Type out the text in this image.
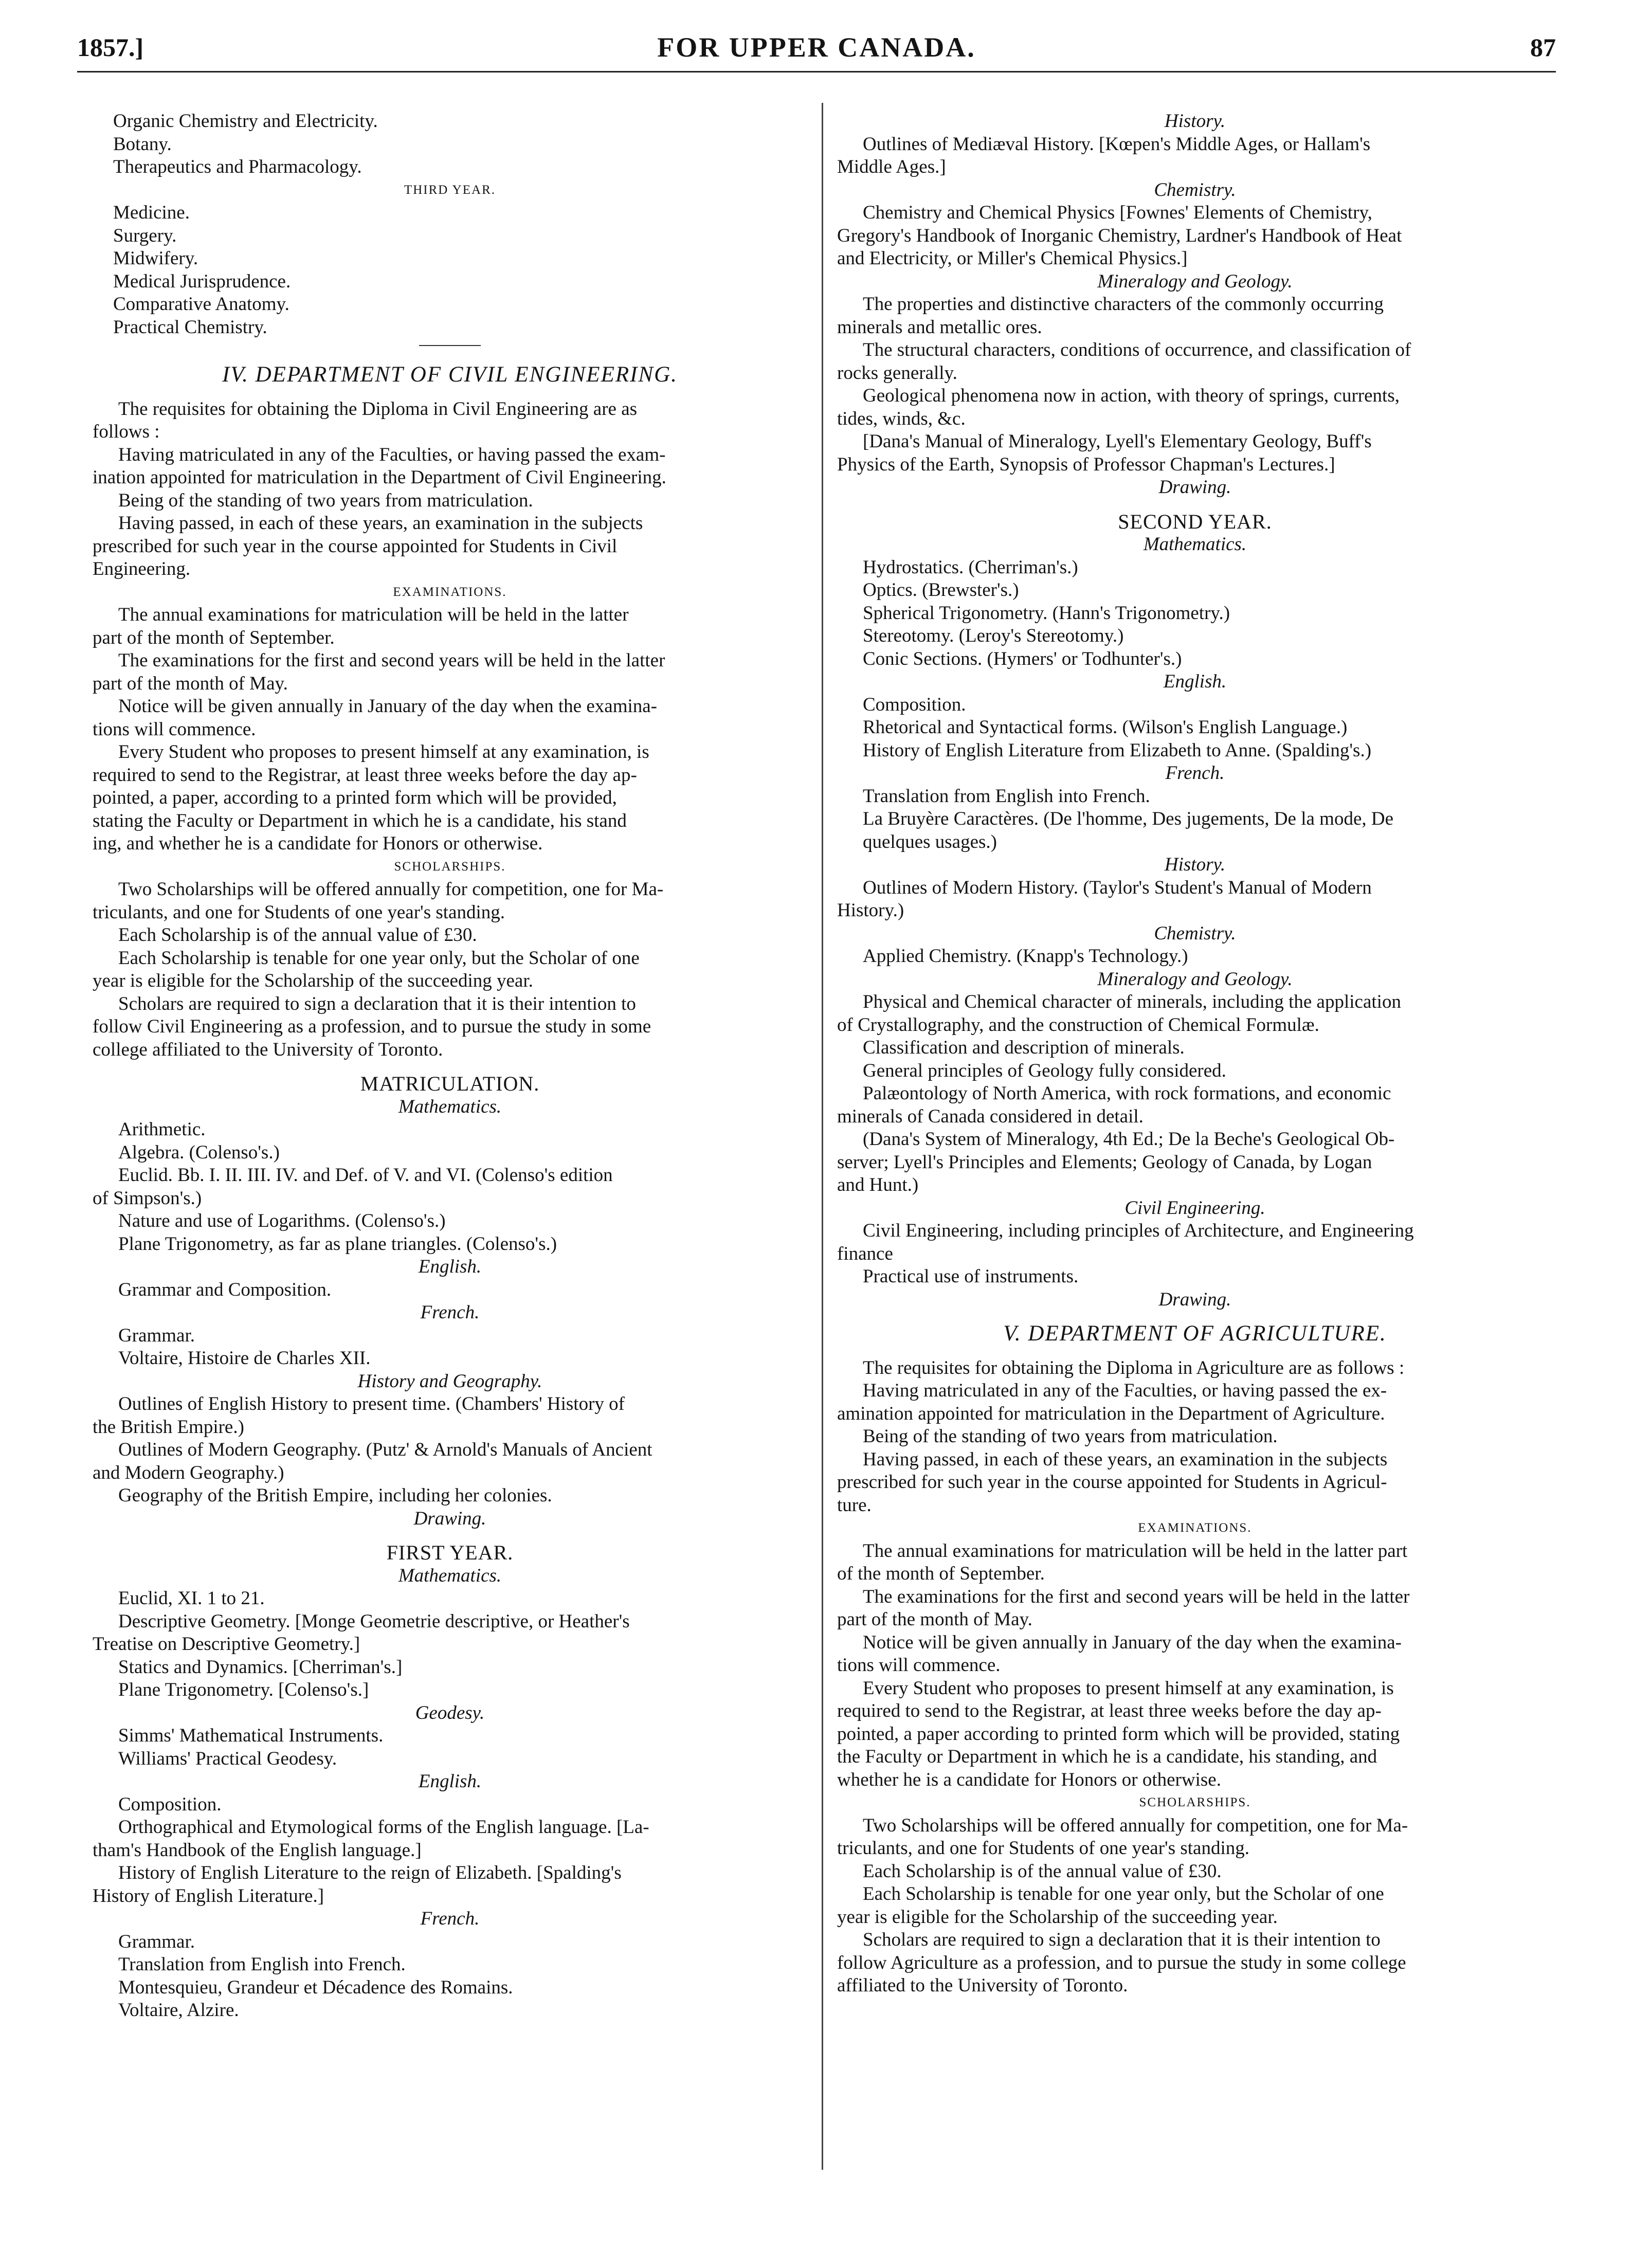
1857.]	FOR UPPER CANADA.	87
Organic Chemistry and Electricity.
Botany.
Therapeutics and Pharmacology.
THIRD YEAR.
Medicine.
Surgery.
Midwifery.
Medical Jurisprudence.
Comparative Anatomy.
Practical Chemistry.
IV. DEPARTMENT OF CIVIL ENGINEERING.
The requisites for obtaining the Diploma in Civil Engineering are as
follows :
Having matriculated in any of the Faculties, or having passed the exam-
ination appointed for matriculation in the Department of Civil Engineering.
Being of the standing of two years from matriculation.
Having passed, in each of these years, an examination in the subjects
prescribed for such year in the course appointed for Students in Civil
Engineering.
EXAMINATIONS.
The annual examinations for matriculation will be held in the latter
part of the month of September.
The examinations for the first and second years will be held in the latter
part of the month of May.
Notice will be given annually in January of the day when the examina-
tions will commence.
Every Student who proposes to present himself at any examination, is
required to send to the Registrar, at least three weeks before the day ap-
pointed, a paper, according to a printed form which will be provided,
stating the Faculty or Department in which he is a candidate, his stand
ing, and whether he is a candidate for Honors or otherwise.
SCHOLARSHIPS.
Two Scholarships will be offered annually for competition, one for Ma-
triculants, and one for Students of one year's standing.
Each Scholarship is of the annual value of £30.
Each Scholarship is tenable for one year only, but the Scholar of one
year is eligible for the Scholarship of the succeeding year.
Scholars are required to sign a declaration that it is their intention to
follow Civil Engineering as a profession, and to pursue the study in some
college affiliated to the University of Toronto.
MATRICULATION.
Mathematics.
Arithmetic.
Algebra. (Colenso's.)
Euclid. Bb. I. II. III. IV. and Def. of V. and VI. (Colenso's edition
of Simpson's.)
Nature and use of Logarithms. (Colenso's.)
Plane Trigonometry, as far as plane triangles. (Colenso's.)
English.
Grammar and Composition.
French.
Grammar.
Voltaire, Histoire de Charles XII.
History and Geography.
Outlines of English History to present time. (Chambers' History of
the British Empire.)
Outlines of Modern Geography. (Putz' & Arnold's Manuals of Ancient
and Modern Geography.)
Geography of the British Empire, including her colonies.
Drawing.
FIRST YEAR.
Mathematics.
Euclid, XI. 1 to 21.
Descriptive Geometry. [Monge Geometrie descriptive, or Heather's
Treatise on Descriptive Geometry.]
Statics and Dynamics. [Cherriman's.]
Plane Trigonometry. [Colenso's.]
Geodesy.
Simms' Mathematical Instruments.
Williams' Practical Geodesy.
English.
Composition.
Orthographical and Etymological forms of the English language. [La-
tham's Handbook of the English language.]
History of English Literature to the reign of Elizabeth. [Spalding's
History of English Literature.]
French.
Grammar.
Translation from English into French.
Montesquieu, Grandeur et Décadence des Romains.
Voltaire, Alzire.
History.
Outlines of Mediæval History. [Kœpen's Middle Ages, or Hallam's
Middle Ages.]
Chemistry.
Chemistry and Chemical Physics [Fownes' Elements of Chemistry,
Gregory's Handbook of Inorganic Chemistry, Lardner's Handbook of Heat
and Electricity, or Miller's Chemical Physics.]
Mineralogy and Geology.
The properties and distinctive characters of the commonly occurring
minerals and metallic ores.
The structural characters, conditions of occurrence, and classification of
rocks generally.
Geological phenomena now in action, with theory of springs, currents,
tides, winds, &c.
[Dana's Manual of Mineralogy, Lyell's Elementary Geology, Buff's
Physics of the Earth, Synopsis of Professor Chapman's Lectures.]
Drawing.
SECOND YEAR.
Mathematics.
Hydrostatics. (Cherriman's.)
Optics. (Brewster's.)
Spherical Trigonometry. (Hann's Trigonometry.)
Stereotomy. (Leroy's Stereotomy.)
Conic Sections. (Hymers' or Todhunter's.)
English.
Composition.
Rhetorical and Syntactical forms. (Wilson's English Language.)
History of English Literature from Elizabeth to Anne. (Spalding's.)
French.
Translation from English into French.
La Bruyère Caractères. (De l'homme, Des jugements, De la mode, De
quelques usages.)
History.
Outlines of Modern History. (Taylor's Student's Manual of Modern
History.)
Chemistry.
Applied Chemistry. (Knapp's Technology.)
Mineralogy and Geology.
Physical and Chemical character of minerals, including the application
of Crystallography, and the construction of Chemical Formulæ.
Classification and description of minerals.
General principles of Geology fully considered.
Palæontology of North America, with rock formations, and economic
minerals of Canada considered in detail.
(Dana's System of Mineralogy, 4th Ed.; De la Beche's Geological Ob-
server; Lyell's Principles and Elements; Geology of Canada, by Logan
and Hunt.)
Civil Engineering.
Civil Engineering, including principles of Architecture, and Engineering
finance
Practical use of instruments.
Drawing.
V. DEPARTMENT OF AGRICULTURE.
The requisites for obtaining the Diploma in Agriculture are as follows :
Having matriculated in any of the Faculties, or having passed the ex-
amination appointed for matriculation in the Department of Agriculture.
Being of the standing of two years from matriculation.
Having passed, in each of these years, an examination in the subjects
prescribed for such year in the course appointed for Students in Agricul-
ture.
EXAMINATIONS.
The annual examinations for matriculation will be held in the latter part
of the month of September.
The examinations for the first and second years will be held in the latter
part of the month of May.
Notice will be given annually in January of the day when the examina-
tions will commence.
Every Student who proposes to present himself at any examination, is
required to send to the Registrar, at least three weeks before the day ap-
pointed, a paper according to printed form which will be provided, stating
the Faculty or Department in which he is a candidate, his standing, and
whether he is a candidate for Honors or otherwise.
SCHOLARSHIPS.
Two Scholarships will be offered annually for competition, one for Ma-
triculants, and one for Students of one year's standing.
Each Scholarship is of the annual value of £30.
Each Scholarship is tenable for one year only, but the Scholar of one
year is eligible for the Scholarship of the succeeding year.
Scholars are required to sign a declaration that it is their intention to
follow Agriculture as a profession, and to pursue the study in some college
affiliated to the University of Toronto.
